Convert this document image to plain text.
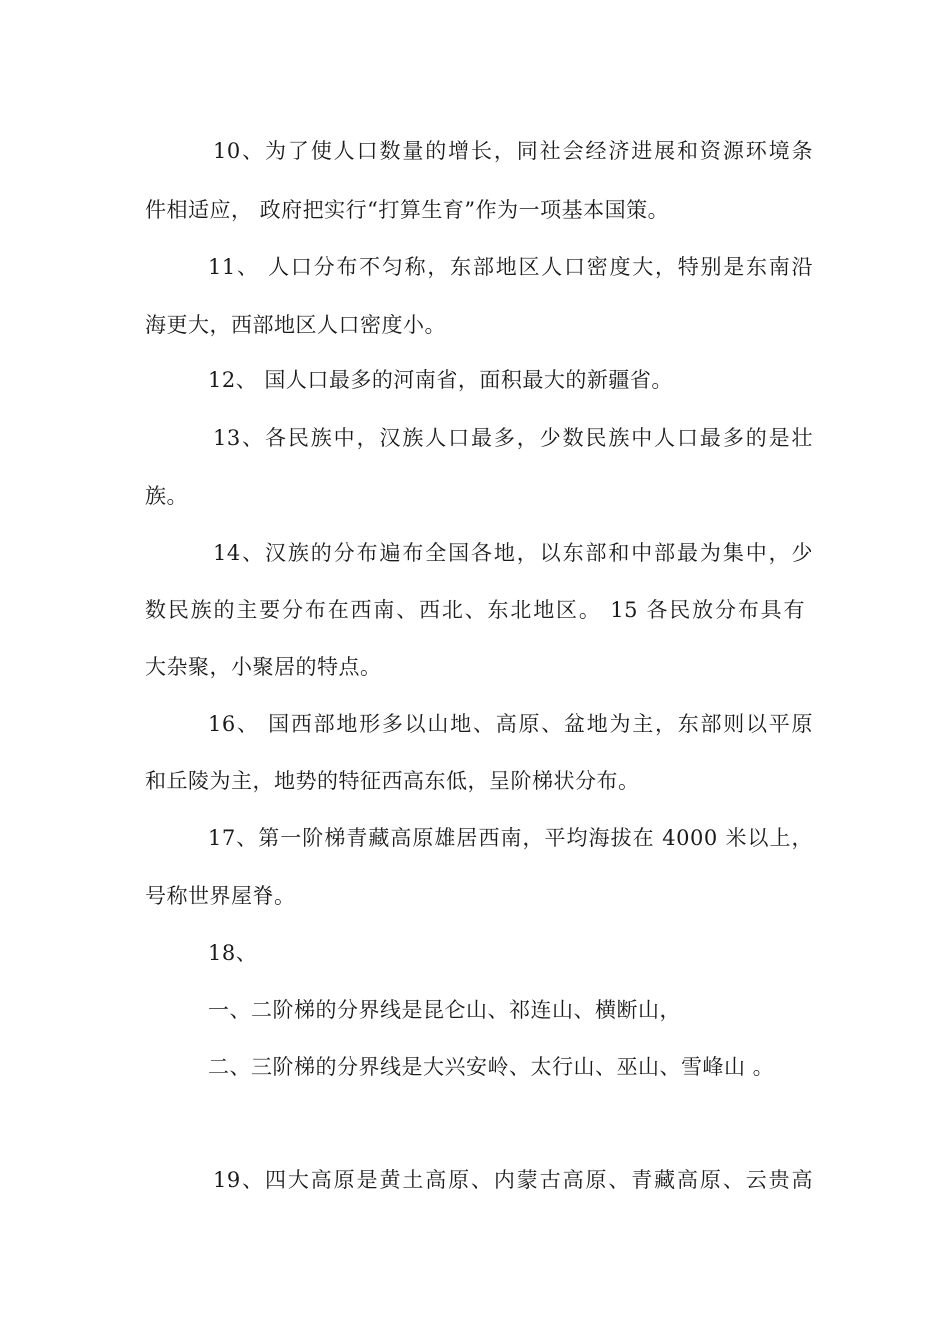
10、为了使人口数量的增长，同社会经济进展和资源环境条
件相适应， 政府把实行“打算生育”作为一项基本国策。
11、 人口分布不匀称，东部地区人口密度大，特别是东南沿
海更大，西部地区人口密度小。
12、 国人口最多的河南省，面积最大的新疆省。
13、各民族中，汉族人口最多，少数民族中人口最多的是壮
族。
14、汉族的分布遍布全国各地，以东部和中部最为集中，少
数民族的主要分布在西南、西北、东北地区。 15 各民放分布具有
大杂聚，小聚居的特点。
16、 国西部地形多以山地、高原、盆地为主，东部则以平原
和丘陵为主，地势的特征西高东低，呈阶梯状分布。
17、第一阶梯青藏高原雄居西南，平均海拔在 4000 米以上，
号称世界屋脊。
18、
一、二阶梯的分界线是昆仑山、祁连山、横断山，
二、三阶梯的分界线是大兴安岭、太行山、巫山、雪峰山 。
19、四大高原是黄土高原、内蒙古高原、青藏高原、云贵高
